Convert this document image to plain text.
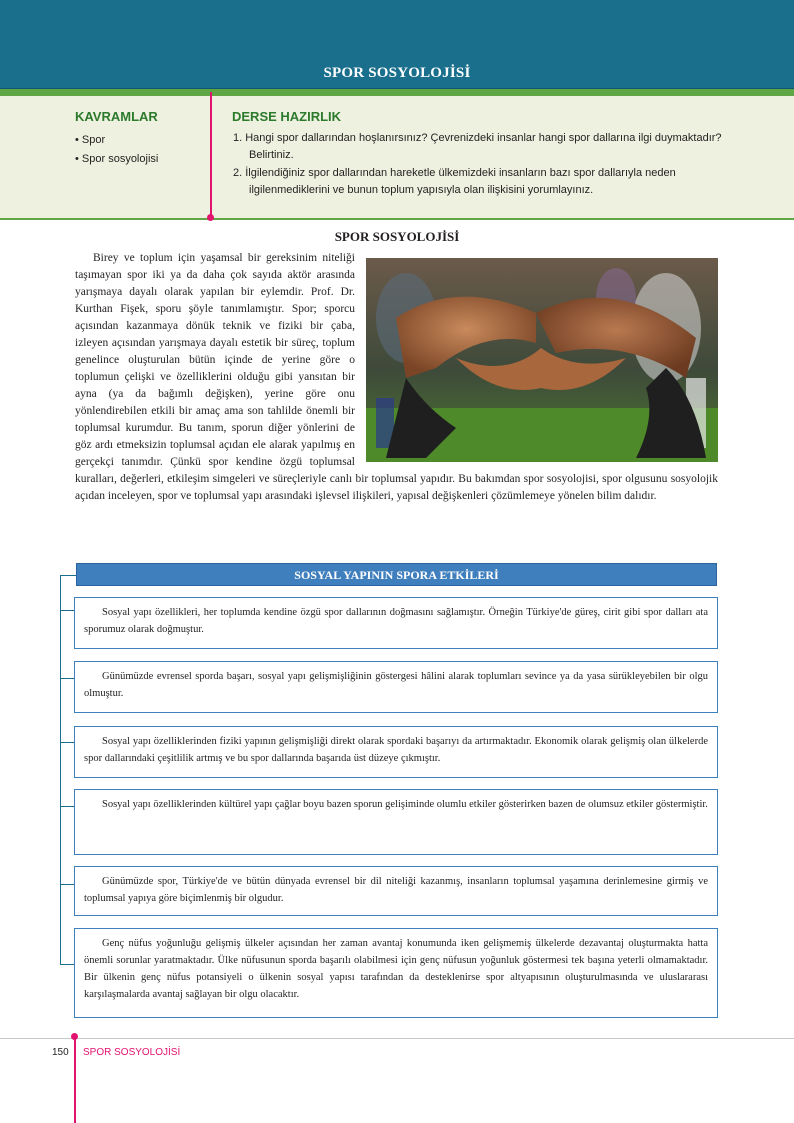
SPOR SOSYOLOJİSİ
KAVRAMLAR
• Spor
• Spor sosyolojisi
DERSE HAZIRLIK
1. Hangi spor dallarından hoşlanırsınız? Çevrenizdeki insanlar hangi spor dallarına ilgi duymaktadır? Belirtiniz.
2. İlgilendiğiniz spor dallarından hareketle ülkemizdeki insanların bazı spor dallarıyla neden ilgilenmediklerini ve bunun toplum yapısıyla olan ilişkisini yorumlayınız.
SPOR SOSYOLOJİSİ
Birey ve toplum için yaşamsal bir gereksinim niteliği taşımayan spor iki ya da daha çok sayıda aktör arasında yarışmaya dayalı olarak yapılan bir eylemdir. Prof. Dr. Kurthan Fişek, sporu şöyle tanımlamıştır. Spor; sporcu açısından kazanmaya dönük teknik ve fiziki bir çaba, izleyen açısından yarışmaya dayalı estetik bir süreç, toplum genelince oluşturulan bütün içinde de yerine göre o toplumun çelişki ve özelliklerini olduğu gibi yansıtan bir ayna (ya da bağımlı değişken), yerine göre onu yönlendirebilen etkili bir amaç ama son tahlilde önemli bir toplumsal kurumdur. Bu tanım, sporun diğer yönlerini de göz ardı etmeksizin toplumsal açıdan ele alarak yapılmış en gerçekçi tanımdır. Çünkü spor kendine özgü toplumsal kuralları, değerleri, etkileşim simgeleri ve süreçleriyle canlı bir toplumsal yapıdır. Bu bakımdan spor sosyolojisi, spor olgusunu sosyolojik açıdan inceleyen, spor ve toplumsal yapı arasındaki işlevsel ilişkileri, yapısal değişkenleri çözümlemeye yönelen bilim dalıdır.
SOSYAL YAPININ SPORA ETKİLERİ
Sosyal yapı özellikleri, her toplumda kendine özgü spor dallarının doğmasını sağlamıştır. Örneğin Türkiye'de güreş, cirit gibi spor dalları ata sporumuz olarak doğmuştur.
Günümüzde evrensel sporda başarı, sosyal yapı gelişmişliğinin göstergesi hâlini alarak toplumları sevince ya da yasa sürükleyebilen bir olgu olmuştur.
Sosyal yapı özelliklerinden fiziki yapının gelişmişliği direkt olarak spordaki başarıyı da artırmaktadır. Ekonomik olarak gelişmiş olan ülkelerde spor dallarındaki çeşitlilik artmış ve bu spor dallarında başarıda üst düzeye çıkmıştır.
Sosyal yapı özelliklerinden kültürel yapı çağlar boyu bazen sporun gelişiminde olumlu etkiler gösterirken bazen de olumsuz etkiler göstermiştir.
Günümüzde spor, Türkiye'de ve bütün dünyada evrensel bir dil niteliği kazanmış, insanların toplumsal yaşamına derinlemesine girmiş ve toplumsal yapıya göre biçimlenmiş bir olgudur.
Genç nüfus yoğunluğu gelişmiş ülkeler açısından her zaman avantaj konumunda iken gelişmemiş ülkelerde dezavantaj oluşturmakta hatta önemli sorunlar yaratmaktadır. Ülke nüfusunun sporda başarılı olabilmesi için genç nüfusun yoğunluk göstermesi tek başına yeterli olmamaktadır. Bir ülkenin genç nüfus potansiyeli o ülkenin sosyal yapısı tarafından da desteklenirse spor altyapısının oluşturulmasında ve uluslararası karşılaşmalarda avantaj sağlayan bir olgu olacaktır.
150 SPOR SOSYOLOJİSİ
